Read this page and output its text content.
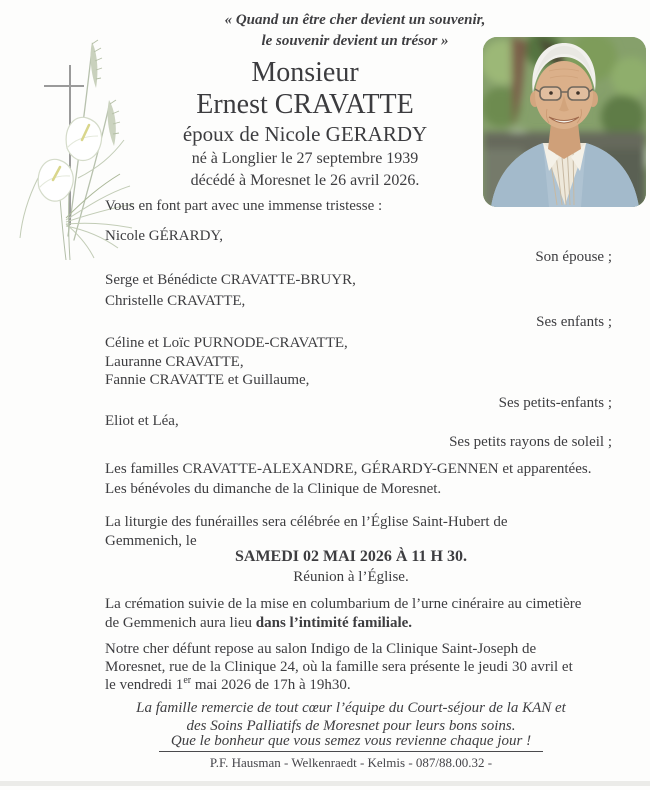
« Quand un être cher devient un souvenir,
le souvenir devient un trésor »
Monsieur
Ernest CRAVATTE
époux de Nicole GERARDY
né à Longlier le 27 septembre 1939
décédé à Moresnet le 26 avril 2026.
Vous en font part avec une immense tristesse :
Nicole GÉRARDY,
Son épouse ;
Serge et Bénédicte CRAVATTE-BRUYR,
Christelle CRAVATTE,
Ses enfants ;
Céline et Loïc PURNODE-CRAVATTE,
Lauranne CRAVATTE,
Fannie CRAVATTE et Guillaume,
Ses petits-enfants ;
Eliot et Léa,
Ses petits rayons de soleil ;
Les familles CRAVATTE-ALEXANDRE, GÉRARDY-GENNEN et apparentées.
Les bénévoles du dimanche de la Clinique de Moresnet.
La liturgie des funérailles sera célébrée en l’Église Saint-Hubert de
Gemmenich, le
SAMEDI 02 MAI 2026 À 11 H 30.
Réunion à l’Église.
La crémation suivie de la mise en columbarium de l’urne cinéraire au cimetière
de Gemmenich aura lieu dans l’intimité familiale.
Notre cher défunt repose au salon Indigo de la Clinique Saint-Joseph de
Moresnet, rue de la Clinique 24, où la famille sera présente le jeudi 30 avril et
le vendredi 1er mai 2026 de 17h à 19h30.
La famille remercie de tout cœur l’équipe du Court-séjour de la KAN et
des Soins Palliatifs de Moresnet pour leurs bons soins.
Que le bonheur que vous semez vous revienne chaque jour !
P.F. Hausman - Welkenraedt - Kelmis - 087/88.00.32 -
